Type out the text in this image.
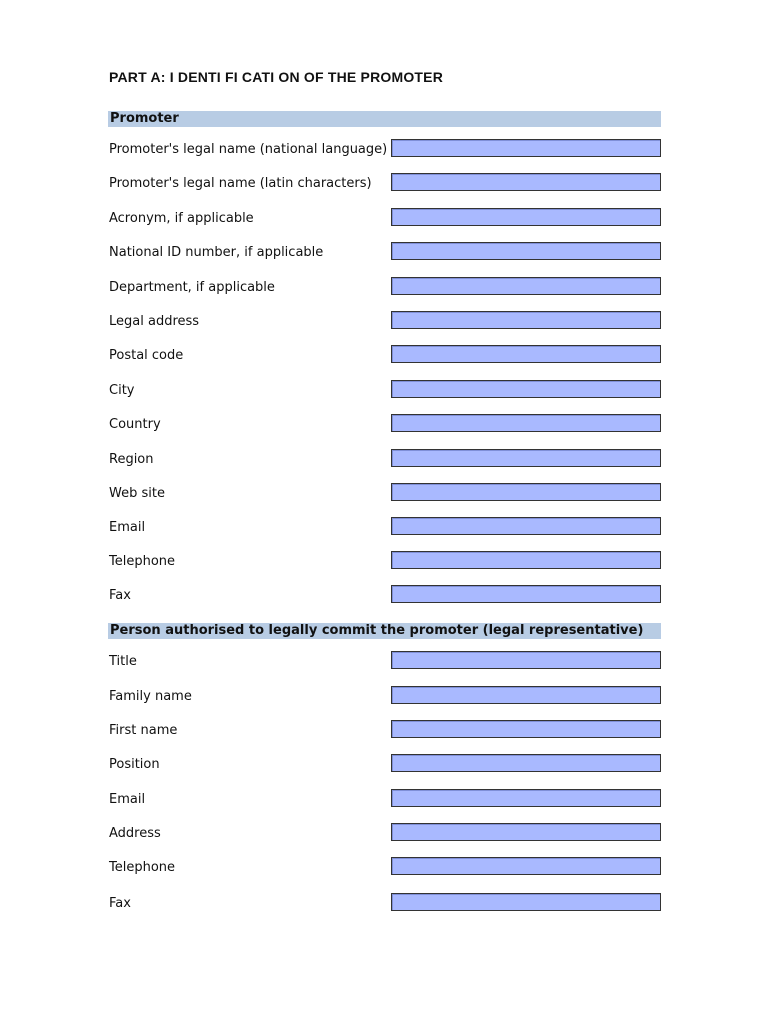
PART A: I DENTI FI CATI ON OF THE PROMOTER
Promoter
Promoter's legal name (national language)
Promoter's legal name (latin characters)
Acronym, if applicable
National ID number, if applicable
Department, if applicable
Legal address
Postal code
City
Country
Region
Web site
Email
Telephone
Fax
Person authorised to legally commit the promoter (legal representative)
Title
Family name
First name
Position
Email
Address
Telephone
Fax
